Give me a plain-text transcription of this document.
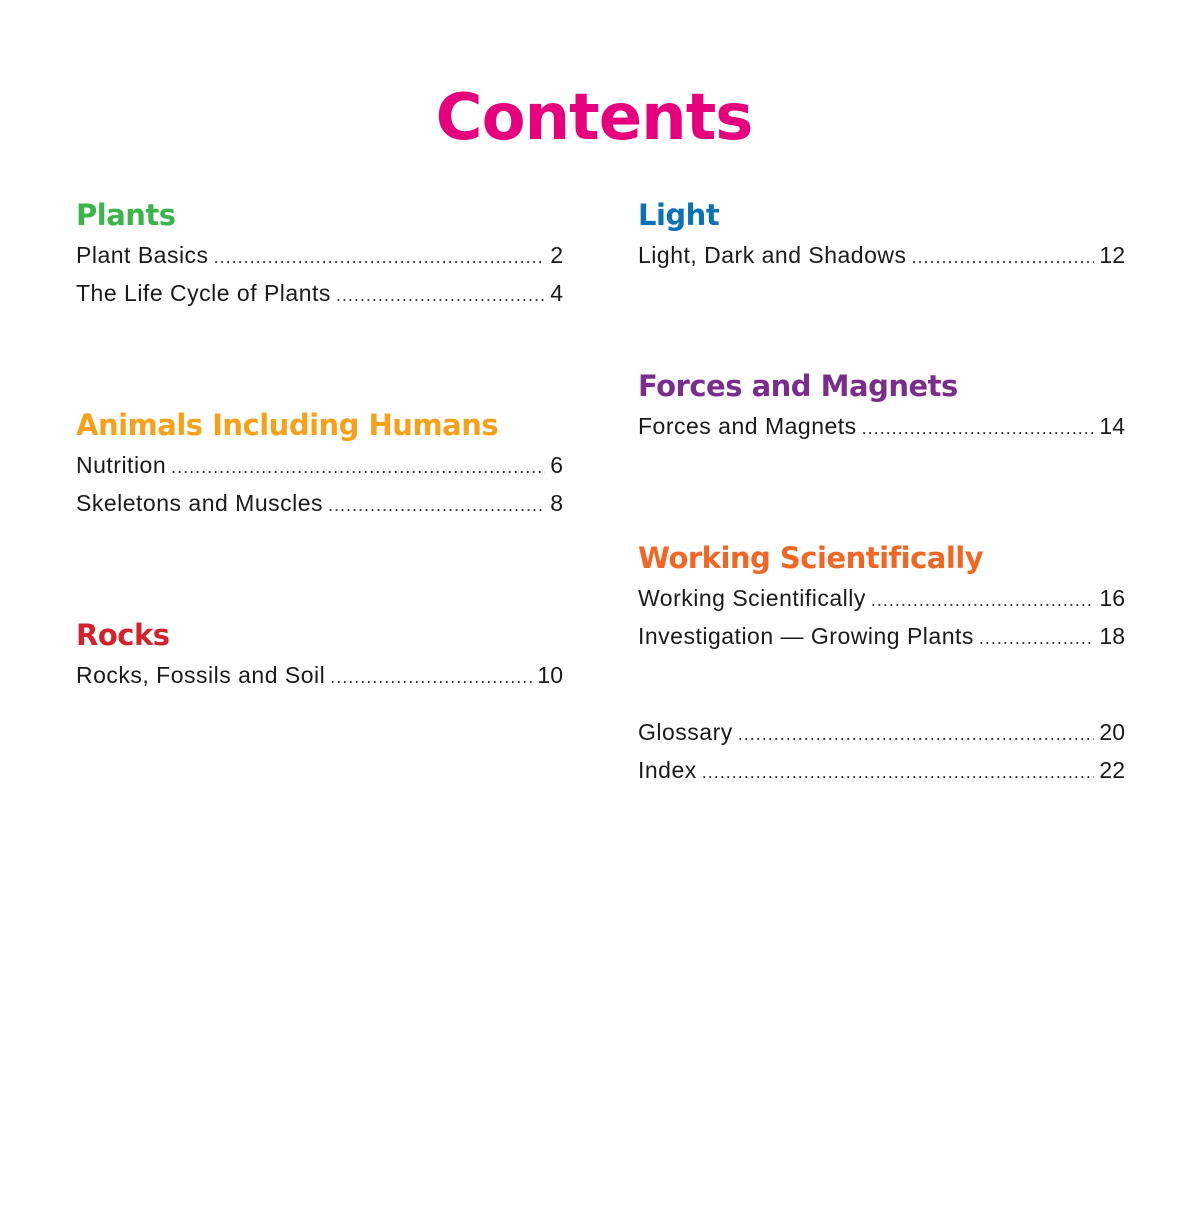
Contents
Plants
Plant Basics .....	2
The Life Cycle of Plants .....	4
Animals Including Humans
Nutrition .....	6
Skeletons and Muscles .....	8
Rocks
Rocks, Fossils and Soil .....	10
Light
Light, Dark and Shadows .....	12
Forces and Magnets
Forces and Magnets .....	14
Working Scientifically
Working Scientifically .....	16
Investigation — Growing Plants .....	18
Glossary .....	20
Index .....	22
